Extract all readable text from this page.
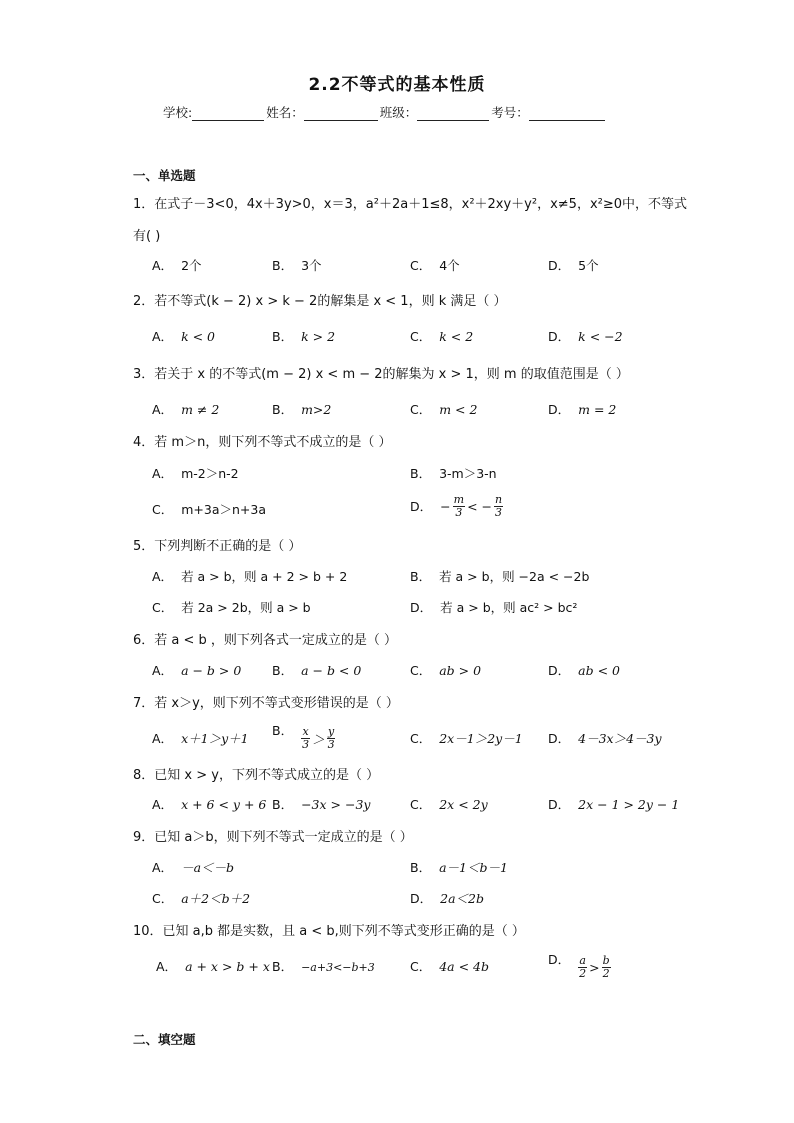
2.2不等式的基本性质
学校:	姓名：	班级：	考号：
一、单选题
1．在式子－3<0，4x＋3y>0，x＝3，a²＋2a＋1≤8，x²＋2xy＋y²，x≠5，x²≥0中，不等式
有( )
A． 2个	B． 3个	C． 4个	D． 5个
2．若不等式(k − 2) x > k − 2的解集是 x < 1，则 k 满足（ ）
A． k < 0	B． k > 2	C． k < 2	D． k < −2
3．若关于 x 的不等式(m − 2) x < m − 2的解集为 x > 1，则 m 的取值范围是（ ）
A． m ≠ 2	B． m>2	C． m < 2	D． m = 2
4．若 m＞n，则下列不等式不成立的是（ ）
A． m-2＞n-2	B． 3-m＞3-n
C． m+3a＞n+3a	D． − $\frac{m}{3}$ < − $\frac{n}{3}$
5．下列判断不正确的是（ ）
A． 若 a > b，则 a + 2 > b + 2	B． 若 a > b，则 −2a < −2b
C． 若 2a > 2b，则 a > b	D． 若 a > b，则 ac² > bc²
6．若 a < b ，则下列各式一定成立的是（ ）
A． a − b > 0 B． a − b < 0	C． ab > 0	D． ab < 0
7．若 x＞y，则下列不等式变形错误的是（ ）
A． x＋1＞y＋1
B． $\frac{x}{3} > \frac{y}{3}$	C． 2x－1＞2y－1 D． 4－3x＞4－3y
8．已知 x > y，下列不等式成立的是（ ）
A． x + 6 < y + 6 B． −3x > −3y	C． 2x < 2y	D． 2x − 1 > 2y − 1
9．已知 a＞b，则下列不等式一定成立的是（ ）
A． －a＜－b	B． a－1＜b－1
C． a＋2＜b＋2	D． 2a＜2b
10．已知 a,b 都是实数，且 a < b,则下列不等式变形正确的是（ ）
A． a + x > b + x B． −a+3<−b+3	C． 4a < 4b	D． $\frac{a}{2} > \frac{b}{2}$
二、填空题
